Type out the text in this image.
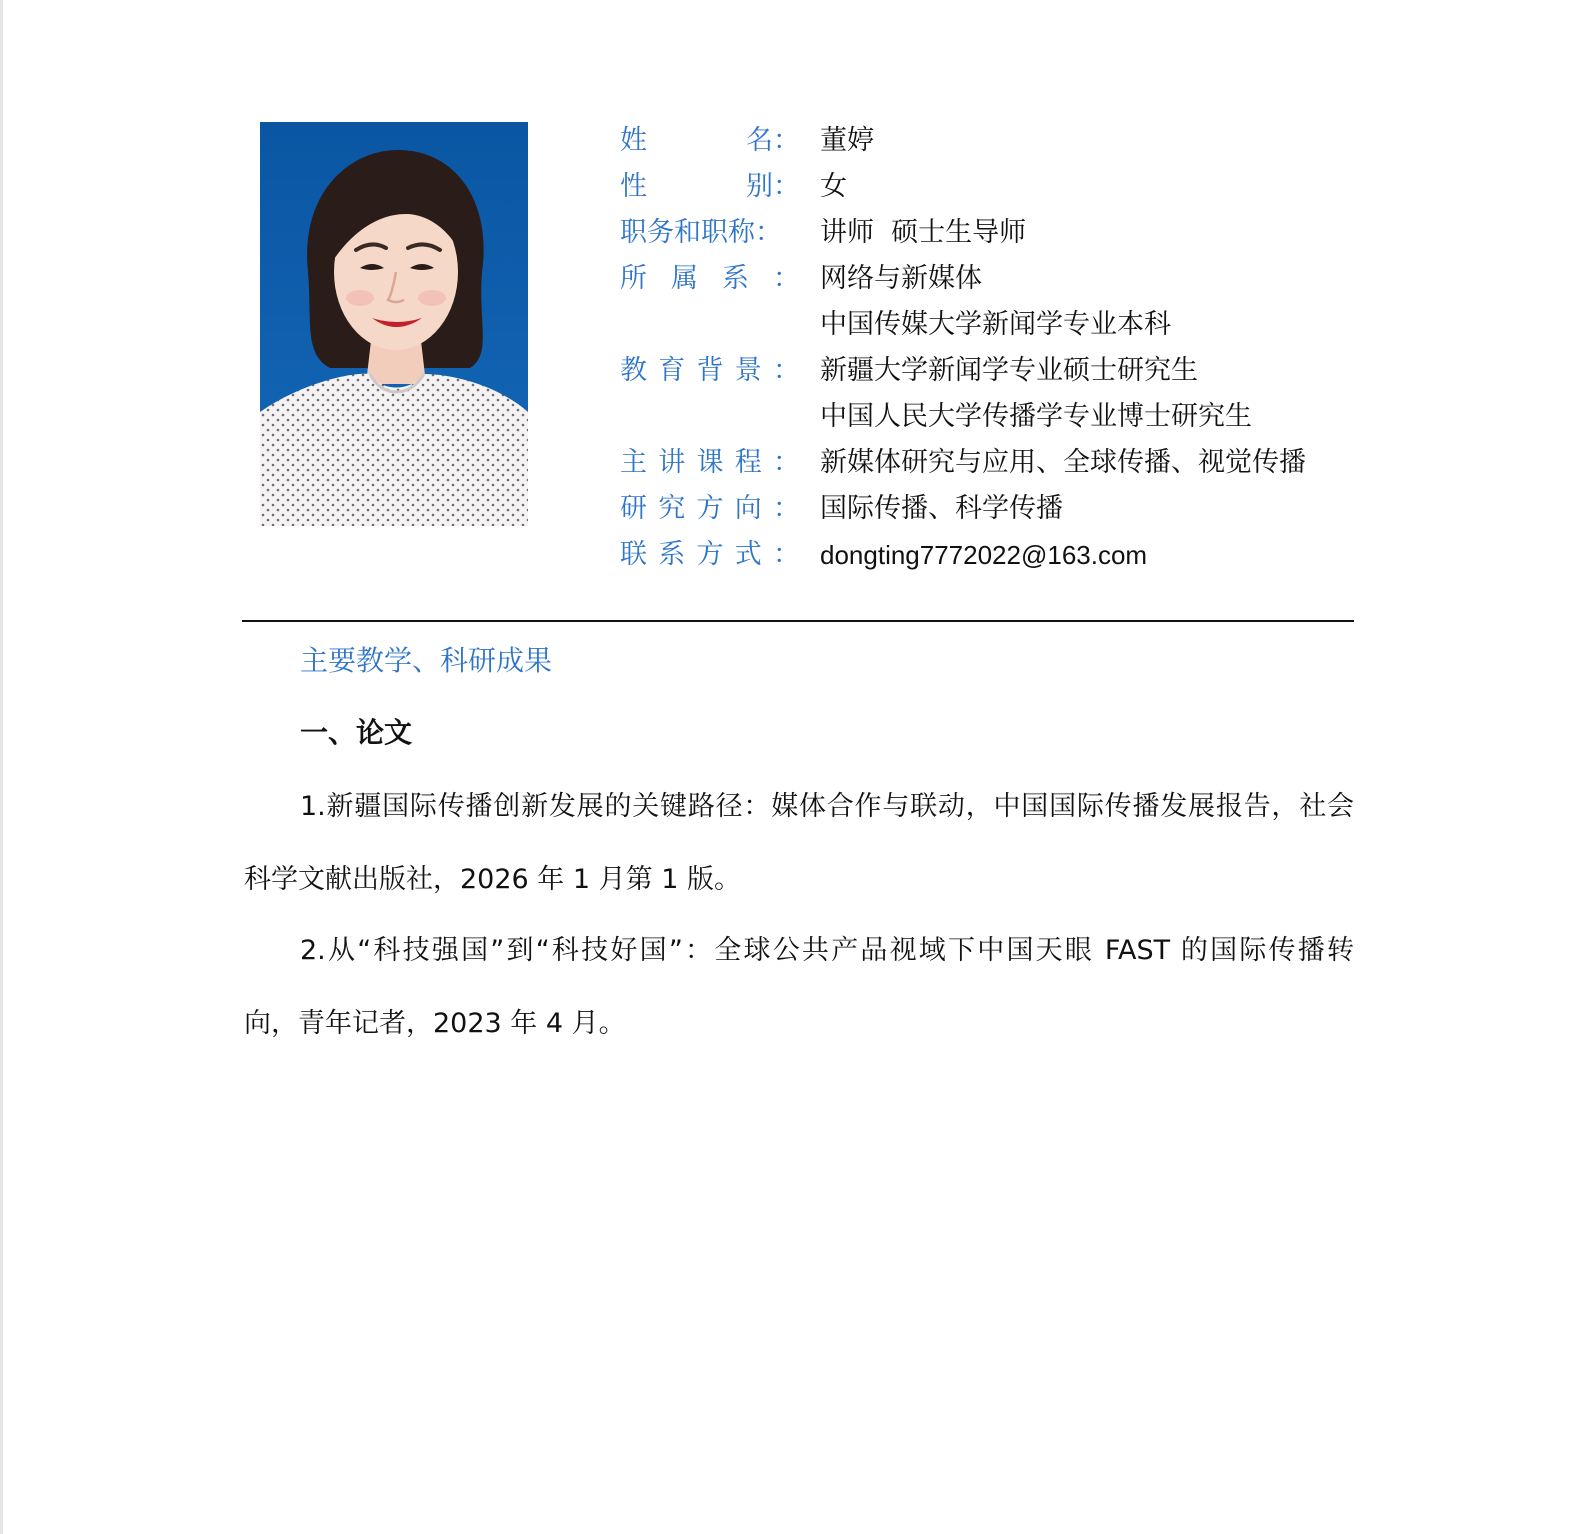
姓	名： 董婷
性	别： 女
职务和职称： 讲师  硕士生导师
所 属 系 ： 网络与新媒体
中国传媒大学新闻学专业本科
教 育 背 景 ： 新疆大学新闻学专业硕士研究生
中国人民大学传播学专业博士研究生
主 讲 课 程 ： 新媒体研究与应用、全球传播、视觉传播
研 究 方 向 ： 国际传播、科学传播
联 系 方 式 ： dongting7772022@163.com
主要教学、科研成果
一、论文
1.新疆国际传播创新发展的关键路径：媒体合作与联动，中国国际传播发展报告，社会
科学文献出版社，2026 年 1 月第 1 版。
2.从“科技强国”到“科技好国”：全球公共产品视域下中国天眼 FAST 的国际传播转
向，青年记者，2023 年 4 月。
